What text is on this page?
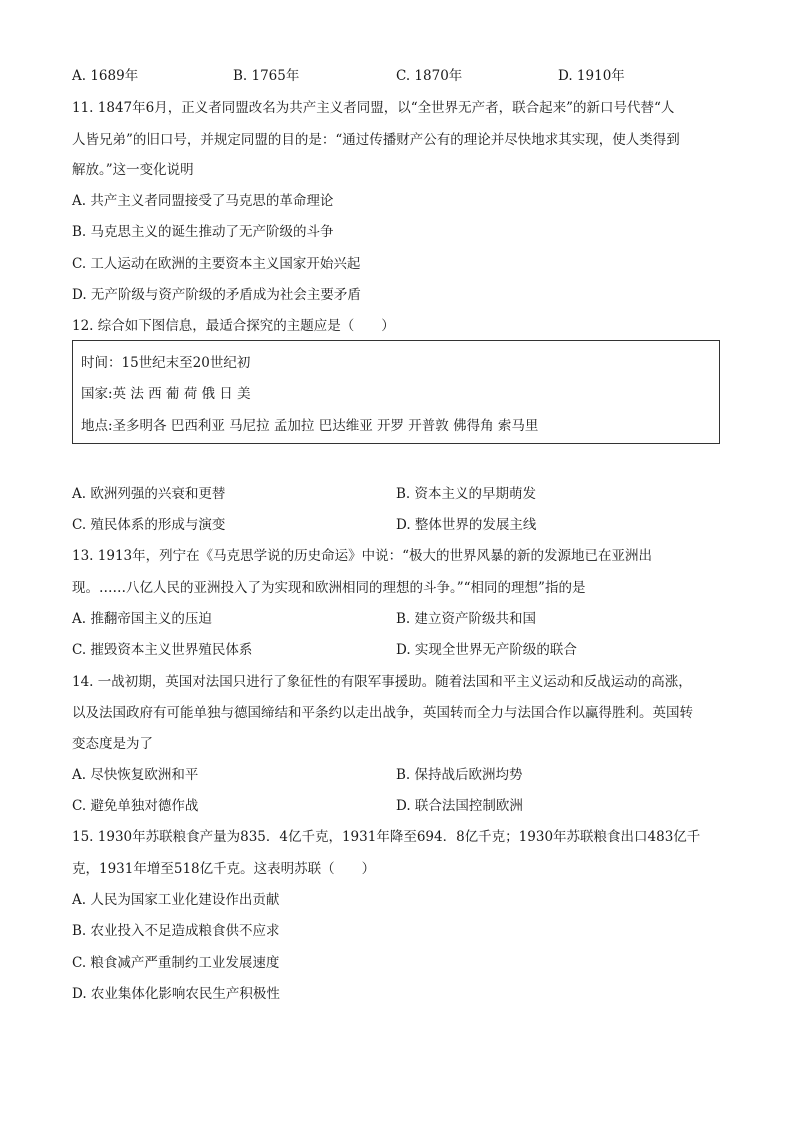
A. 1689年	B. 1765年	C. 1870年	D. 1910年
11. 1847年6月，正义者同盟改名为共产主义者同盟，以“全世界无产者，联合起来”的新口号代替“人
人皆兄弟”的旧口号，并规定同盟的目的是：“通过传播财产公有的理论并尽快地求其实现，使人类得到
解放。”这一变化说明
A. 共产主义者同盟接受了马克思的革命理论
B. 马克思主义的诞生推动了无产阶级的斗争
C. 工人运动在欧洲的主要资本主义国家开始兴起
D. 无产阶级与资产阶级的矛盾成为社会主要矛盾
12. 综合如下图信息，最适合探究的主题应是（　　）
时间：15世纪末至20世纪初
国家:英 法 西 葡 荷 俄 日 美
地点:圣多明各 巴西利亚 马尼拉 孟加拉 巴达维亚 开罗 开普敦 佛得角 索马里
A. 欧洲列强的兴衰和更替	B. 资本主义的早期萌发
C. 殖民体系的形成与演变	D. 整体世界的发展主线
13. 1913年，列宁在《马克思学说的历史命运》中说：“极大的世界风暴的新的发源地已在亚洲出
现。……八亿人民的亚洲投入了为实现和欧洲相同的理想的斗争。”“相同的理想”指的是
A. 推翻帝国主义的压迫	B. 建立资产阶级共和国
C. 摧毁资本主义世界殖民体系	D. 实现全世界无产阶级的联合
14. 一战初期，英国对法国只进行了象征性的有限军事援助。随着法国和平主义运动和反战运动的高涨，
以及法国政府有可能单独与德国缔结和平条约以走出战争，英国转而全力与法国合作以赢得胜利。英国转
变态度是为了
A. 尽快恢复欧洲和平	B. 保持战后欧洲均势
C. 避免单独对德作战	D. 联合法国控制欧洲
15. 1930年苏联粮食产量为835．4亿千克，1931年降至694．8亿千克；1930年苏联粮食出口483亿千
克，1931年增至518亿千克。这表明苏联（　　）
A. 人民为国家工业化建设作出贡献
B. 农业投入不足造成粮食供不应求
C. 粮食减产严重制约工业发展速度
D. 农业集体化影响农民生产积极性
